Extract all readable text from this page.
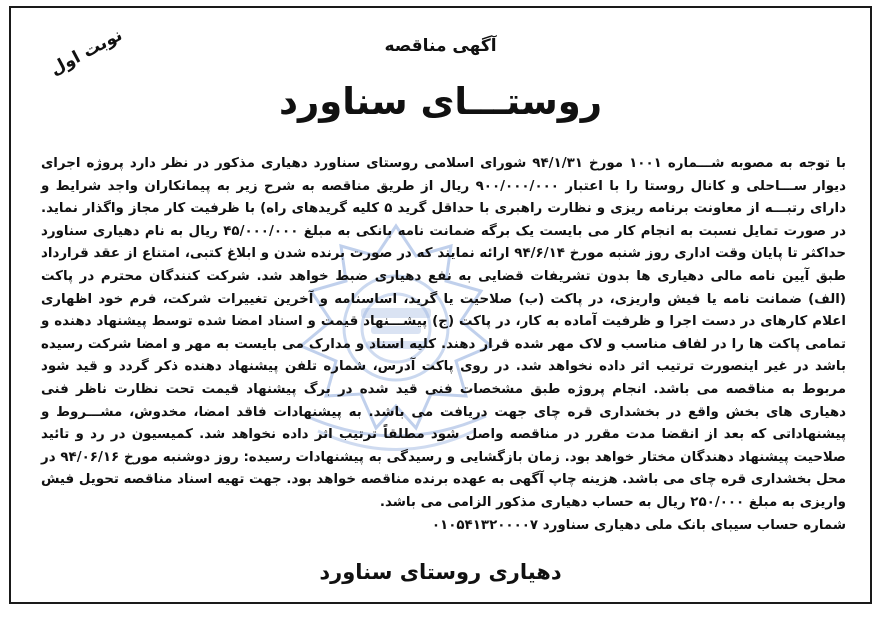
آگهی مناقصه
نوبت اول
روستـــای سناورد

با توجه به مصوبه شـــماره ۱۰۰۱ مورخ ۹۴/۱/۳۱ شورای اسلامی روستای سناورد دهیاری مذکور در نظر دارد پروژه اجرای دیوار ســـاحلی و کانال روستا را با اعتبار ۹۰۰/۰۰۰/۰۰۰ ریال از طریق مناقصه به شرح زیر به پیمانکاران واجد شرایط و دارای رتبـــه از معاونت برنامه ریزی و نظارت راهبری با حداقل گرید ۵ کلیه گریدهای راه) با ظرفیت کار مجاز واگذار نماید. در صورت تمایل نسبت به انجام کار می بایست یک برگه ضمانت نامه بانکی به مبلغ ۴۵/۰۰۰/۰۰۰ ریال به نام دهیاری سناورد حداکثر تا پایان وقت اداری روز شنبه مورخ ۹۴/۶/۱۴ ارائه نمایند که در صورت برنده شدن و ابلاغ کتبی، امتناع از عقد قرارداد طبق آیین نامه مالی دهیاری ها بدون تشریفات قضایی به نفع دهیاری ضبط خواهد شد. شرکت کنندگان محترم در پاکت (الف) ضمانت نامه یا فیش واریزی، در پاکت (ب) صلاحیت یا گرید، اساسنامه و آخرین تغییرات شرکت، فرم خود اظهاری اعلام کارهای در دست اجرا و ظرفیت آماده به کار، در پاکت (ج) پیشـــنهاد قیمت و اسناد امضا شده توسط پیشنهاد دهنده و تمامی پاکت ها را در لفاف مناسب و لاک مهر شده قرار دهند. کلیه اسناد و مدارک می بایست به مهر و امضا شرکت رسیده باشد در غیر اینصورت ترتیب اثر داده نخواهد شد. در روی پاکت آدرس، شماره تلفن پیشنهاد دهنده ذکر گردد و قید شود مربوط به مناقصه می باشد. انجام پروژه طبق مشخصات فنی قید شده در برگ پیشنهاد قیمت تحت نظارت ناظر فنی دهیاری های بخش واقع در بخشداری قره چای جهت دریافت می باشد. به پیشنهادات فاقد امضا، مخدوش، مشـــروط و پیشنهاداتی که بعد از انقضا مدت مقرر در مناقصه واصل شود مطلقاً ترتیب اثر داده نخواهد شد. کمیسیون در رد و تائید صلاحیت پیشنهاد دهندگان مختار خواهد بود. زمان بازگشایی و رسیدگی به پیشنهادات رسیده: روز دوشنبه مورخ ۹۴/۰۶/۱۶ در محل بخشداری قره چای می باشد. هزینه چاپ آگهی به عهده برنده مناقصه خواهد بود. جهت تهیه اسناد مناقصه تحویل فیش واریزی به مبلغ ۲۵۰/۰۰۰ ریال به حساب دهیاری مذکور الزامی می باشد.

شماره حساب سیبای بانک ملی دهیاری سناورد ۰۱۰۵۴۱۳۲۰۰۰۰۷

دهیاری روستای سناورد
